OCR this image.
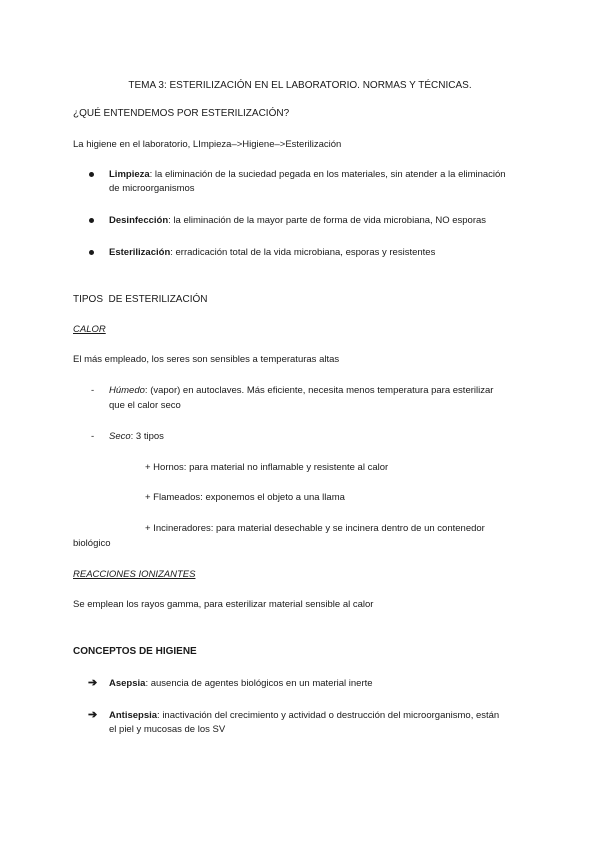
TEMA 3: ESTERILIZACIÓN EN EL LABORATORIO. NORMAS Y TÉCNICAS.
¿QUÉ ENTENDEMOS POR ESTERILIZACIÓN?
La higiene en el laboratorio, LImpieza–>Higiene–>Esterilización
Limpieza: la eliminación de la suciedad pegada en los materiales, sin atender a la eliminación
de microorganismos
Desinfección: la eliminación de la mayor parte de forma de vida microbiana, NO esporas
Esterilización: erradicación total de la vida microbiana, esporas y resistentes
TIPOS  DE ESTERILIZACIÓN
CALOR
El más empleado, los seres son sensibles a temperaturas altas
- Húmedo: (vapor) en autoclaves. Más eficiente, necesita menos temperatura para esterilizar
que el calor seco
- Seco: 3 tipos
+ Hornos: para material no inflamable y resistente al calor
+ Flameados: exponemos el objeto a una llama
+ Incineradores: para material desechable y se incinera dentro de un contenedor
biológico
REACCIONES IONIZANTES
Se emplean los rayos gamma, para esterilizar material sensible al calor
CONCEPTOS DE HIGIENE
➔ Asepsia: ausencia de agentes biológicos en un material inerte
➔ Antisepsia: inactivación del crecimiento y actividad o destrucción del microorganismo, están
el piel y mucosas de los SV
